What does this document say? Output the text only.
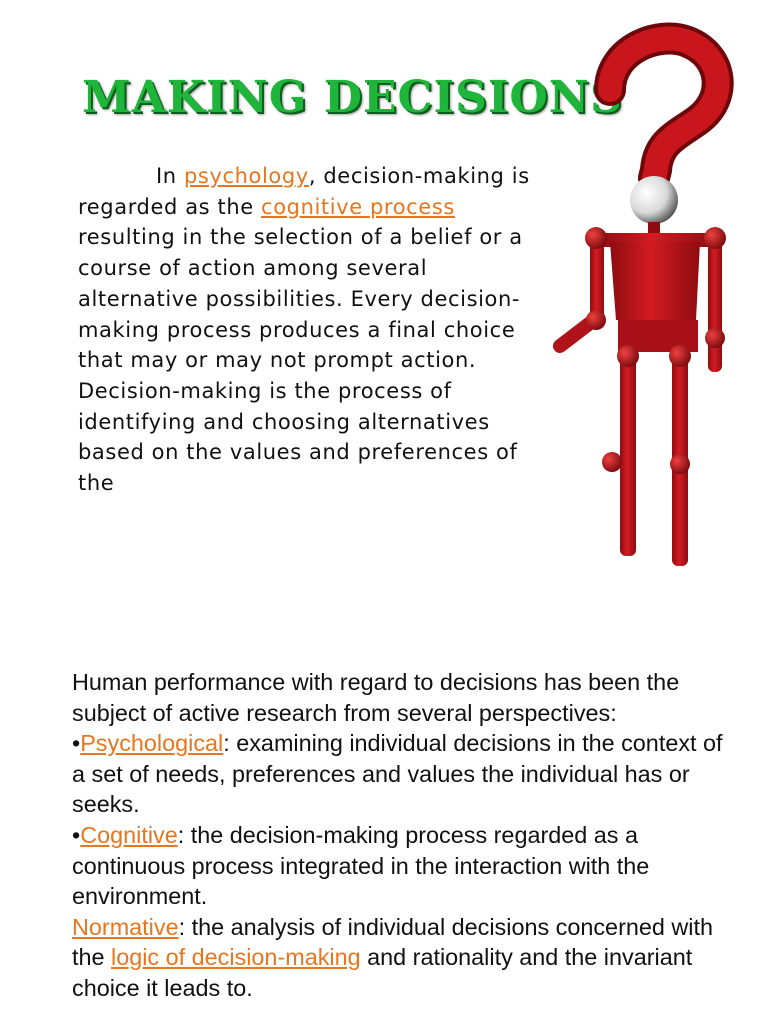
MAKING DECISIONS
In psychology, decision-making is regarded as the cognitive process resulting in the selection of a belief or a course of action among several alternative possibilities. Every decision-making process produces a final choice that may or may not prompt action. Decision-making is the process of identifying and choosing alternatives based on the values and preferences of the

Human performance with regard to decisions has been the subject of active research from several perspectives:

•Psychological: examining individual decisions in the context of a set of needs, preferences and values the individual has or seeks.

•Cognitive: the decision-making process regarded as a continuous process integrated in the interaction with the environment.

Normative: the analysis of individual decisions concerned with the logic of decision-making and rationality and the invariant choice it leads to.
